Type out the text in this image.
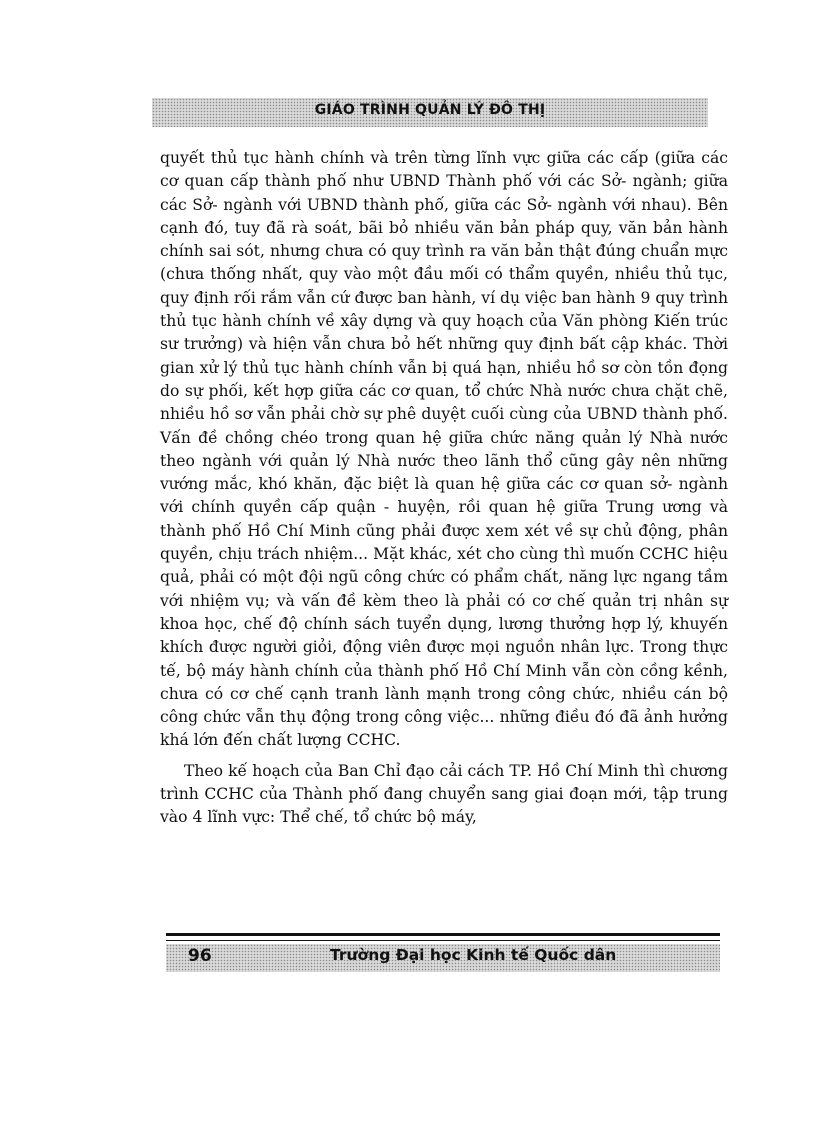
GIÁO TRÌNH QUẢN LÝ ĐÔ THỊ

quyết thủ tục hành chính và trên từng lĩnh vực giữa các cấp (giữa các cơ quan cấp thành phố như UBND Thành phố với các Sở- ngành; giữa các Sở- ngành với UBND thành phố, giữa các Sở- ngành với nhau). Bên cạnh đó, tuy đã rà soát, bãi bỏ nhiều văn bản pháp quy, văn bản hành chính sai sót, nhưng chưa có quy trình ra văn bản thật đúng chuẩn mực (chưa thống nhất, quy vào một đầu mối có thẩm quyền, nhiều thủ tục, quy định rối rắm vẫn cứ được ban hành, ví dụ việc ban hành 9 quy trình thủ tục hành chính về xây dựng và quy hoạch của Văn phòng Kiến trúc sư trưởng) và hiện vẫn chưa bỏ hết những quy định bất cập khác. Thời gian xử lý thủ tục hành chính vẫn bị quá hạn, nhiều hồ sơ còn tồn đọng do sự phối, kết hợp giữa các cơ quan, tổ chức Nhà nước chưa chặt chẽ, nhiều hồ sơ vẫn phải chờ sự phê duyệt cuối cùng của UBND thành phố. Vấn đề chồng chéo trong quan hệ giữa chức năng quản lý Nhà nước theo ngành với quản lý Nhà nước theo lãnh thổ cũng gây nên những vướng mắc, khó khăn, đặc biệt là quan hệ giữa các cơ quan sở- ngành với chính quyền cấp quận - huyện, rồi quan hệ giữa Trung ương và thành phố Hồ Chí Minh cũng phải được xem xét về sự chủ động, phân quyền, chịu trách nhiệm... Mặt khác, xét cho cùng thì muốn CCHC hiệu quả, phải có một đội ngũ công chức có phẩm chất, năng lực ngang tầm với nhiệm vụ; và vấn đề kèm theo là phải có cơ chế quản trị nhân sự khoa học, chế độ chính sách tuyển dụng, lương thưởng hợp lý, khuyến khích được người giỏi, động viên được mọi nguồn nhân lực. Trong thực tế, bộ máy hành chính của thành phố Hồ Chí Minh vẫn còn cồng kềnh, chưa có cơ chế cạnh tranh lành mạnh trong công chức, nhiều cán bộ công chức vẫn thụ động trong công việc... những điều đó đã ảnh hưởng khá lớn đến chất lượng CCHC.

Theo kế hoạch của Ban Chỉ đạo cải cách TP. Hồ Chí Minh thì chương trình CCHC của Thành phố đang chuyển sang giai đoạn mới, tập trung vào 4 lĩnh vực: Thể chế, tổ chức bộ máy,

96	Trường Đại học Kinh tế Quốc dân
